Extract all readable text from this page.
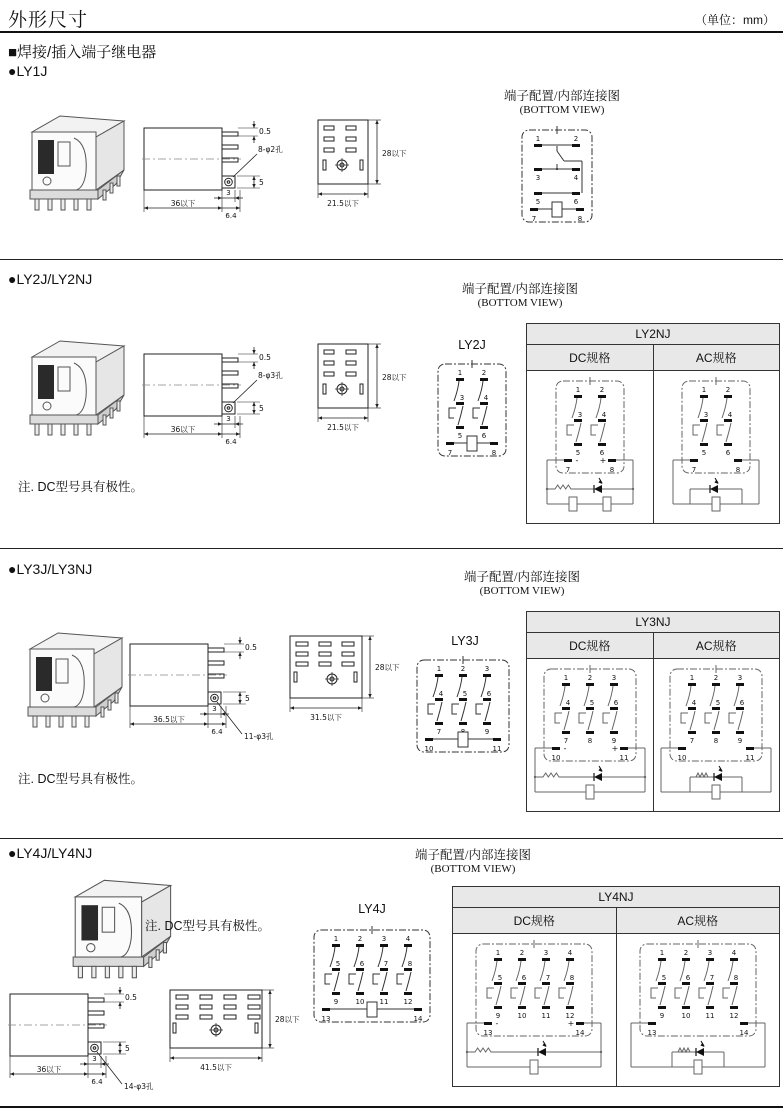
外形尺寸	（单位：mm）
■焊接/插入端子继电器
●LY1J
0.5
8-φ2孔
5
3
36以下
6.4
28以下
21.5以下
端子配置/内部连接图
(BOTTOM VIEW)
1	2
3	4
5	6
7	8
●LY2J/LY2NJ
端子配置/内部连接图
(BOTTOM VIEW)
0.5
8-φ3孔
5
3
36以下
6.4
28以下
21.5以下
LY2J
1
3
5
2
4
6
7	8
LY2NJ
DC规格	AC规格
1
3
5
2
4
6
7	8
-	+
1
3
5
2
4
6
7	8
注. DC型号具有极性。
●LY3J/LY3NJ	端子配置/内部连接图
(BOTTOM VIEW)
0.5
11-φ3孔
5
3
36.5以下
6.4
28以下
31.5以下
LY3J
1
4
7
2
5
3
6
9
10	11
LY3NJ
DC规格	AC规格
1
4
7
2
5
8
3
6
9
10	11
-	+
1
4
7
2
5
8
3
6
9
10	11
注. DC型号具有极性。
●LY4J/LY4NJ	端子配置/内部连接图
(BOTTOM VIEW)
注. DC型号具有极性。
0.5
14-φ3孔
5
3
36以下
6.4
28以下
41.5以下
LY4J
1
5
9
2
6
10
3
7
11
4
8
12
13	14
LY4NJ
DC规格	AC规格
1
5
9
2
6
10
3
7
11
4
8
12
13	14
-	+
1
5
9
2
6
10
3
7
11
4
8
12
13	14
